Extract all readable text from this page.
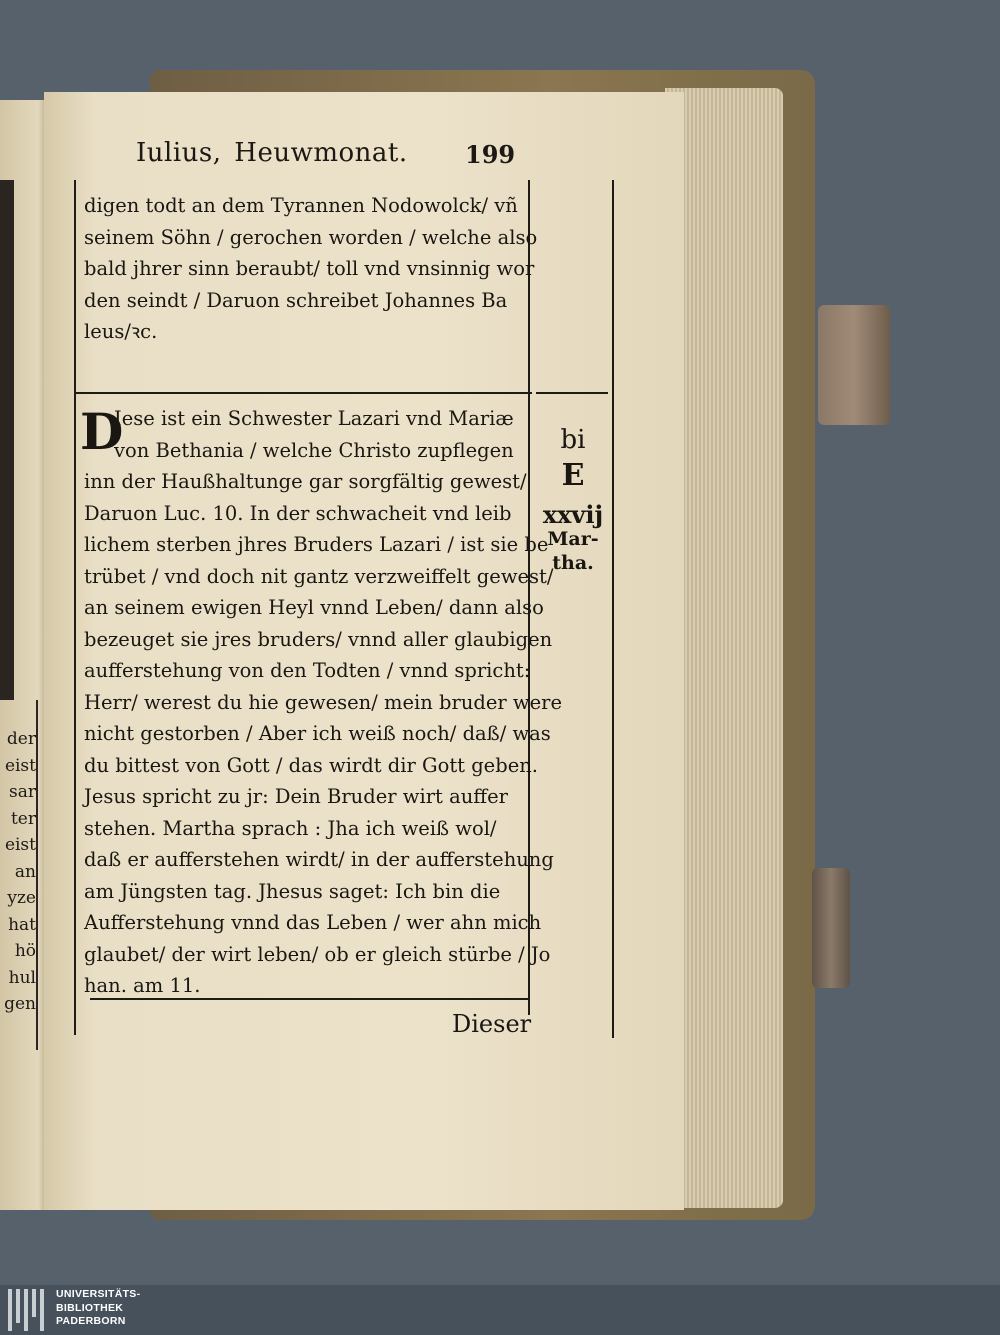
der
eist
sar
ter
eist
an
yze
hat
hö
hul
gen
Iulius, Heuwmonat. 199
digen todt an dem Tyrannen Nodowolck/ vñ
seinem Söhn / gerochen worden / welche also
bald jhrer sinn beraubt/ toll vnd vnsinnig wor
den seindt / Daruon schreibet Johannes Ba
leus/ꝛc.
D
Iese ist ein Schwester Lazari vnd Mariæ
von Bethania / welche Christo zupflegen
inn der Haußhaltunge gar sorgfältig gewest/
Daruon Luc. 10. In der schwacheit vnd leib
lichem sterben jhres Bruders Lazari / ist sie be
trübet / vnd doch nit gantz verzweiffelt gewest/
an seinem ewigen Heyl vnnd Leben/ dann also
bezeuget sie jres bruders/ vnnd aller glaubigen
aufferstehung von den Todten / vnnd spricht:
Herr/ werest du hie gewesen/ mein bruder were
nicht gestorben / Aber ich weiß noch/ daß/ was
du bittest von Gott / das wirdt dir Gott geben.
Jesus spricht zu jr: Dein Bruder wirt auffer
stehen. Martha sprach : Jha ich weiß wol/
daß er aufferstehen wirdt/ in der aufferstehung
am Jüngsten tag. Jhesus saget: Ich bin die
Aufferstehung vnnd das Leben / wer ahn mich
glaubet/ der wirt leben/ ob er gleich stürbe / Jo
han. am 11.
bi
E
xxvij
Mar-
tha.
Dieser
UNIVERSITÄTS-
BIBLIOTHEK
PADERBORN
